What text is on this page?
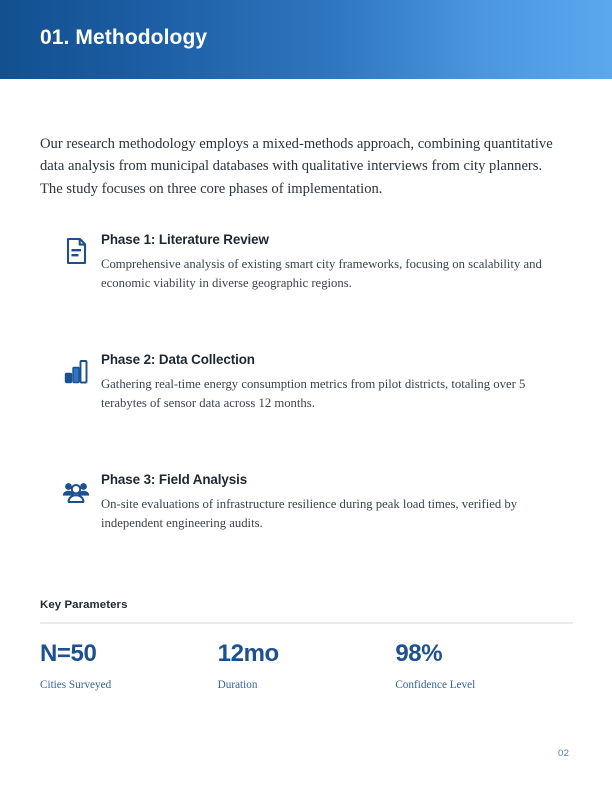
01. Methodology

Our research methodology employs a mixed-methods approach, combining quantitative data analysis from municipal databases with qualitative interviews from city planners. The study focuses on three core phases of implementation.

Phase 1: Literature Review

Comprehensive analysis of existing smart city frameworks, focusing on scalability and economic viability in diverse geographic regions.

Phase 2: Data Collection

Gathering real-time energy consumption metrics from pilot districts, totaling over 5 terabytes of sensor data across 12 months.

Phase 3: Field Analysis

On-site evaluations of infrastructure resilience during peak load times, verified by independent engineering audits.

Key Parameters
N=50
Cities Surveyed
12mo
Duration
98%
Confidence Level
02
